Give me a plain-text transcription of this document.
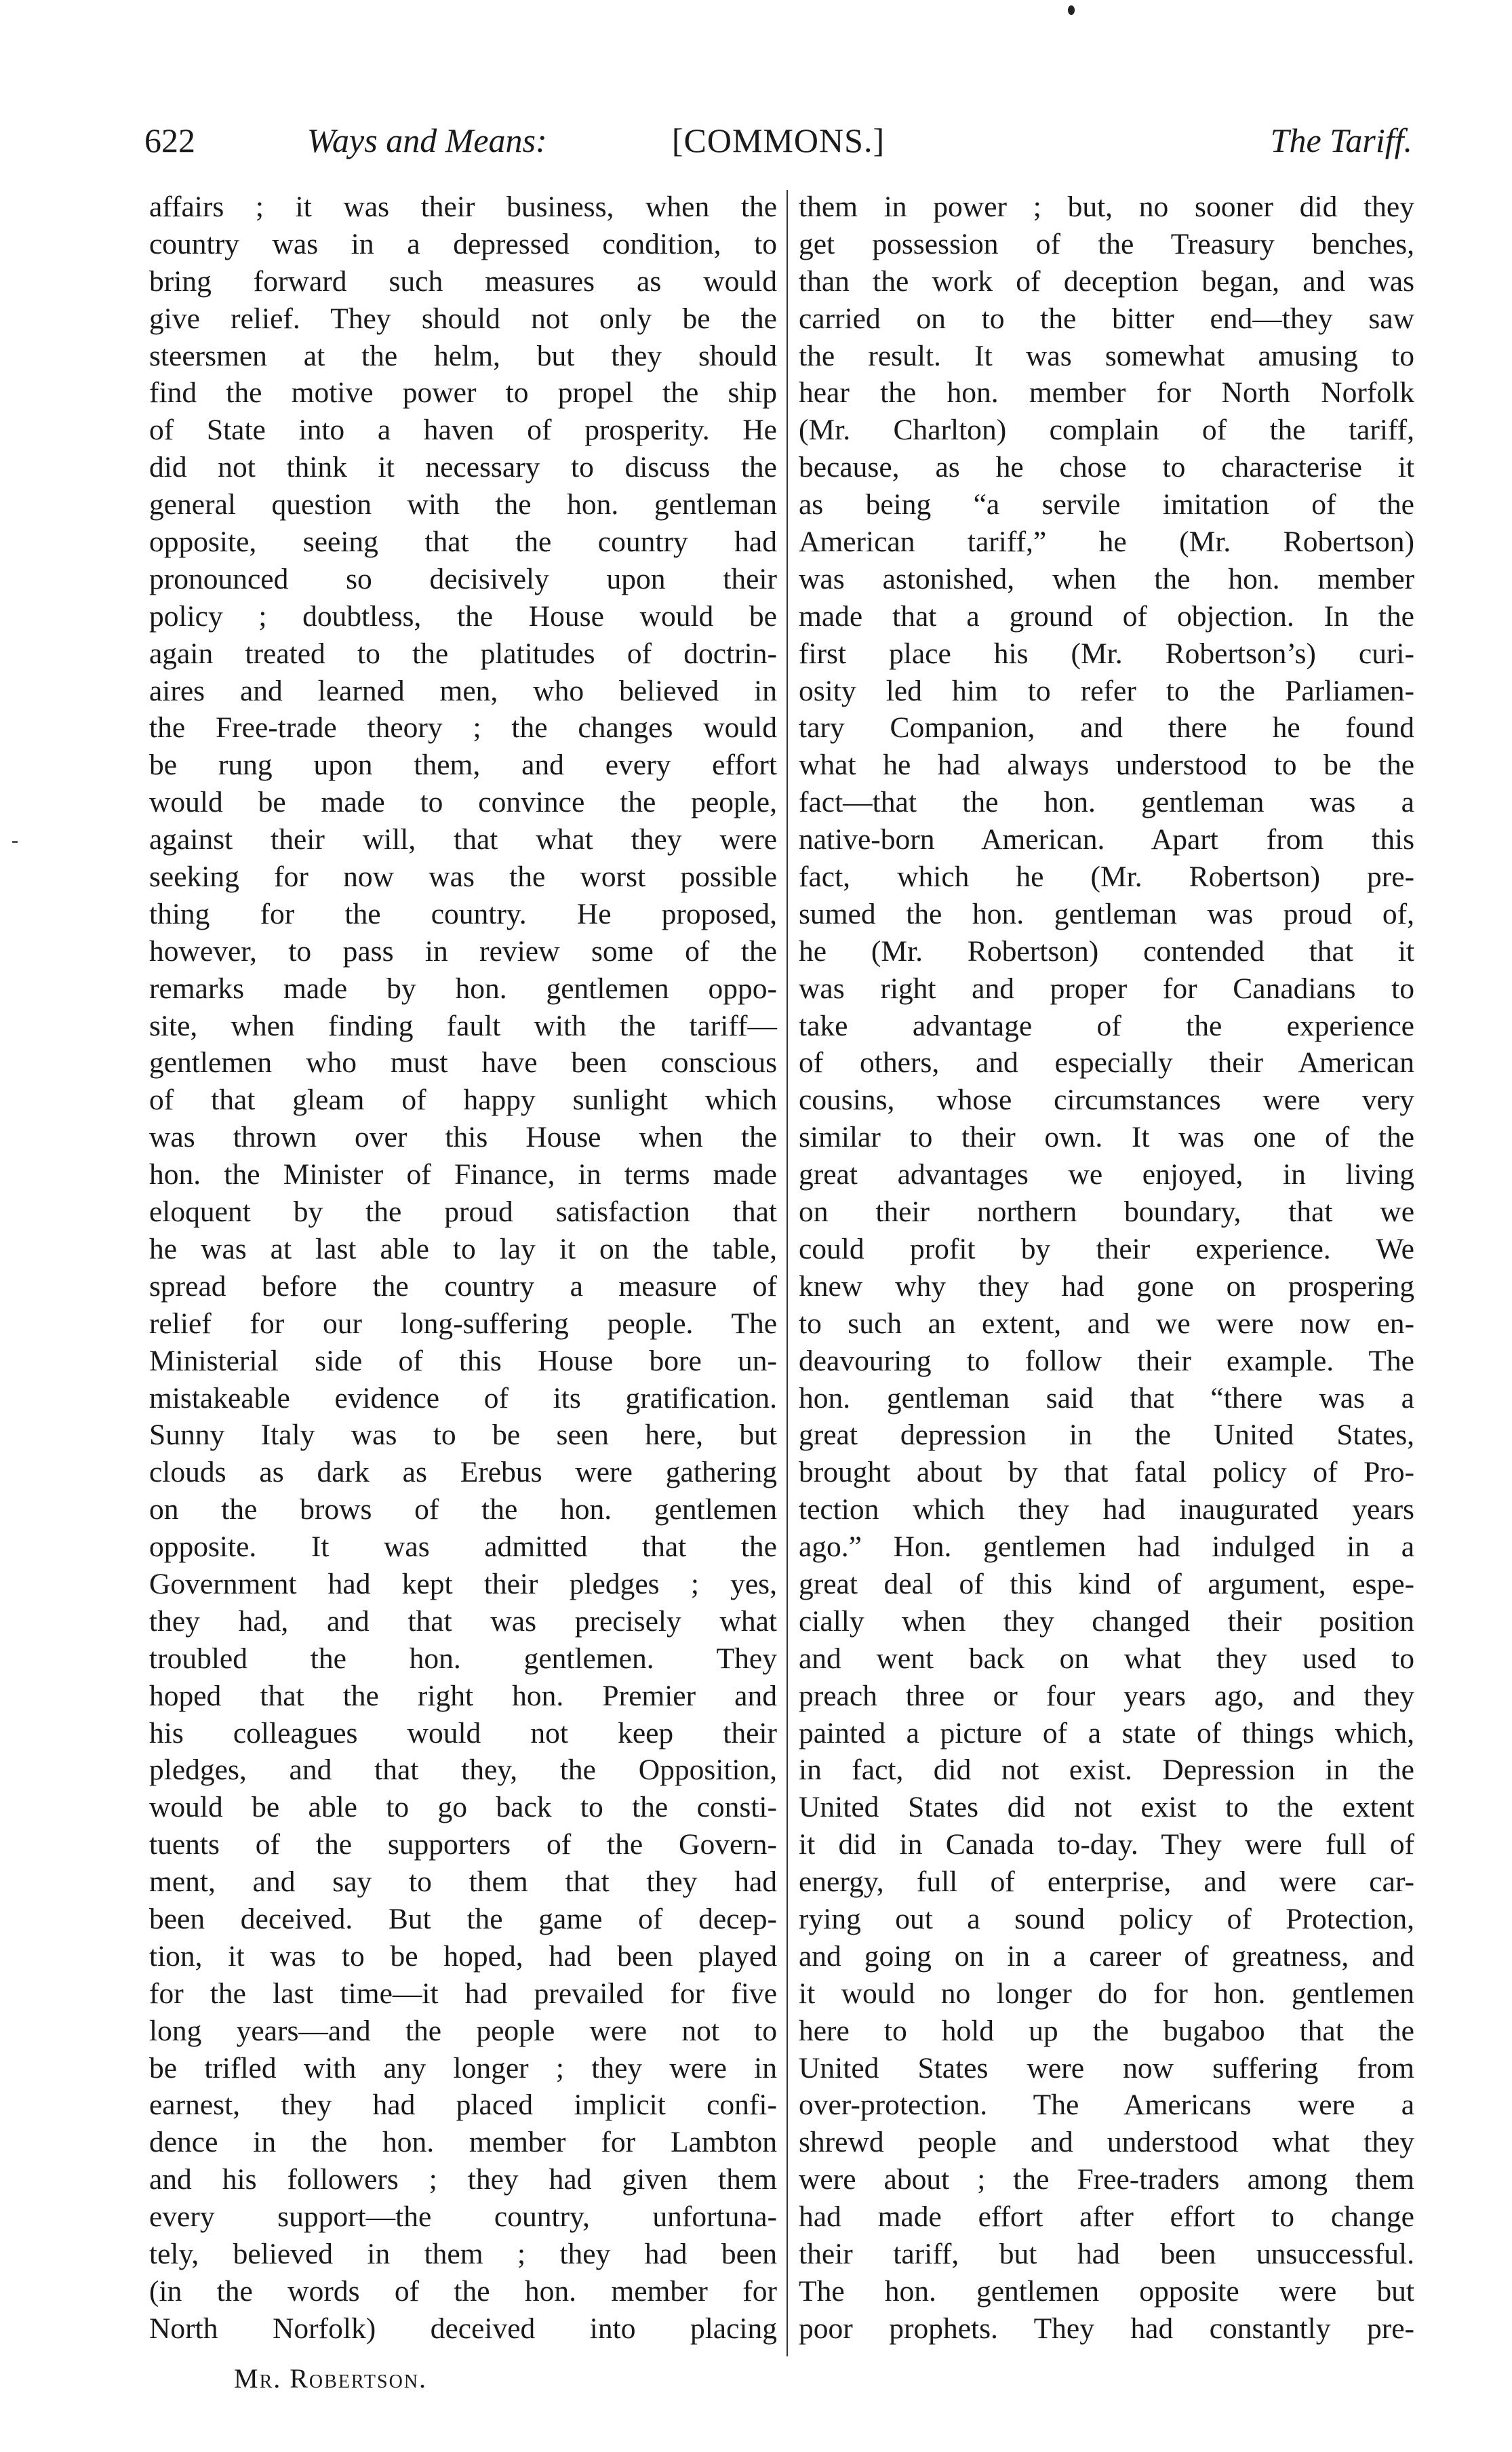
622	Ways and Means:	[COMMONS.]	The Tariff.
affairs ; it was their business, when the
country was in a depressed condition, to
bring forward such measures as would
give relief. They should not only be the
steersmen at the helm, but they should
find the motive power to propel the ship
of State into a haven of prosperity. He
did not think it necessary to discuss the
general question with the hon. gentleman
opposite, seeing that the country had
pronounced so decisively upon their
policy ; doubtless, the House would be
again treated to the platitudes of doctrin-
aires and learned men, who believed in
the Free-trade theory ; the changes would
be rung upon them, and every effort
would be made to convince the people,
against their will, that what they were
seeking for now was the worst possible
thing for the country. He proposed,
however, to pass in review some of the
remarks made by hon. gentlemen oppo-
site, when finding fault with the tariff—
gentlemen who must have been conscious
of that gleam of happy sunlight which
was thrown over this House when the
hon. the Minister of Finance, in terms made
eloquent by the proud satisfaction that
he was at last able to lay it on the table,
spread before the country a measure of
relief for our long-suffering people. The
Ministerial side of this House bore un-
mistakeable evidence of its gratification.
Sunny Italy was to be seen here, but
clouds as dark as Erebus were gathering
on the brows of the hon. gentlemen
opposite. It was admitted that the
Government had kept their pledges ; yes,
they had, and that was precisely what
troubled the hon. gentlemen. They
hoped that the right hon. Premier and
his colleagues would not keep their
pledges, and that they, the Opposition,
would be able to go back to the consti-
tuents of the supporters of the Govern-
ment, and say to them that they had
been deceived. But the game of decep-
tion, it was to be hoped, had been played
for the last time—it had prevailed for five
long years—and the people were not to
be trifled with any longer ; they were in
earnest, they had placed implicit confi-
dence in the hon. member for Lambton
and his followers ; they had given them
every support—the country, unfortuna-
tely, believed in them ; they had been
(in the words of the hon. member for
North Norfolk) deceived into placing
them in power ; but, no sooner did they
get possession of the Treasury benches,
than the work of deception began, and was
carried on to the bitter end—they saw
the result. It was somewhat amusing to
hear the hon. member for North Norfolk
(Mr. Charlton) complain of the tariff,
because, as he chose to characterise it
as being “a servile imitation of the
American tariff,” he (Mr. Robertson)
was astonished, when the hon. member
made that a ground of objection. In the
first place his (Mr. Robertson’s) curi-
osity led him to refer to the Parliamen-
tary Companion, and there he found
what he had always understood to be the
fact—that the hon. gentleman was a
native-born American. Apart from this
fact, which he (Mr. Robertson) pre-
sumed the hon. gentleman was proud of,
he (Mr. Robertson) contended that it
was right and proper for Canadians to
take advantage of the experience
of others, and especially their American
cousins, whose circumstances were very
similar to their own. It was one of the
great advantages we enjoyed, in living
on their northern boundary, that we
could profit by their experience. We
knew why they had gone on prospering
to such an extent, and we were now en-
deavouring to follow their example. The
hon. gentleman said that “there was a
great depression in the United States,
brought about by that fatal policy of Pro-
tection which they had inaugurated years
ago.” Hon. gentlemen had indulged in a
great deal of this kind of argument, espe-
cially when they changed their position
and went back on what they used to
preach three or four years ago, and they
painted a picture of a state of things which,
in fact, did not exist. Depression in the
United States did not exist to the extent
it did in Canada to-day. They were full of
energy, full of enterprise, and were car-
rying out a sound policy of Protection,
and going on in a career of greatness, and
it would no longer do for hon. gentlemen
here to hold up the bugaboo that the
United States were now suffering from
over-protection. The Americans were a
shrewd people and understood what they
were about ; the Free-traders among them
had made effort after effort to change
their tariff, but had been unsuccessful.
The hon. gentlemen opposite were but
poor prophets. They had constantly pre-
Mr. Robertson.
